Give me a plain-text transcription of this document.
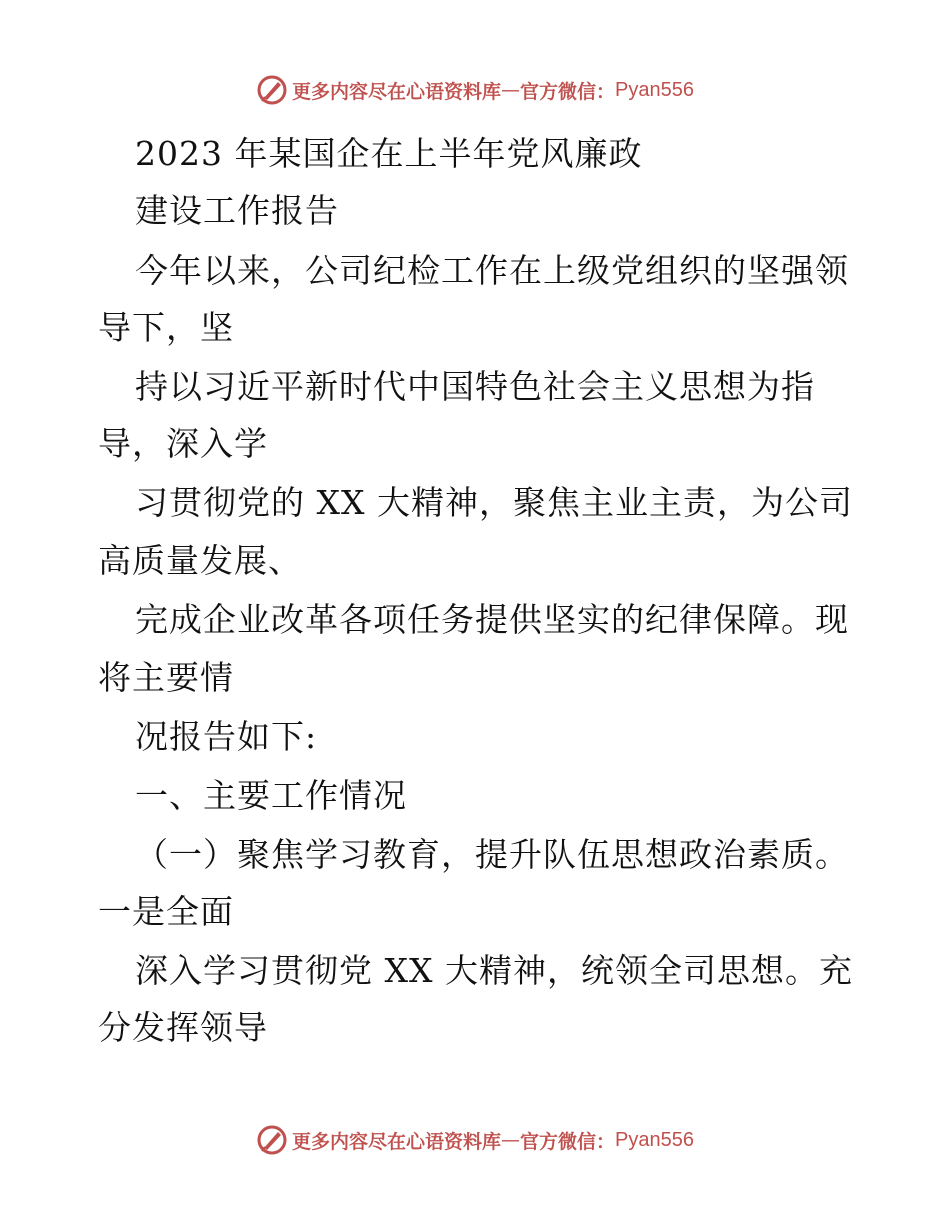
更多内容尽在心语资料库 — 官方微信： Pyan556
2023 年某国企在上半年党风廉政
建设工作报告
今年以来，公司纪检工作在上级党组织的坚强领
导下，坚
持以习近平新时代中国特色社会主义思想为指
导，深入学
习贯彻党的 XX 大精神，聚焦主业主责，为公司
高质量发展、
完成企业改革各项任务提供坚实的纪律保障。现
将主要情
况报告如下:
一、主要工作情况
（一）聚焦学习教育，提升队伍思想政治素质。
一是全面
深入学习贯彻党 XX 大精神，统领全司思想。充
分发挥领导
更多内容尽在心语资料库 — 官方微信： Pyan556
